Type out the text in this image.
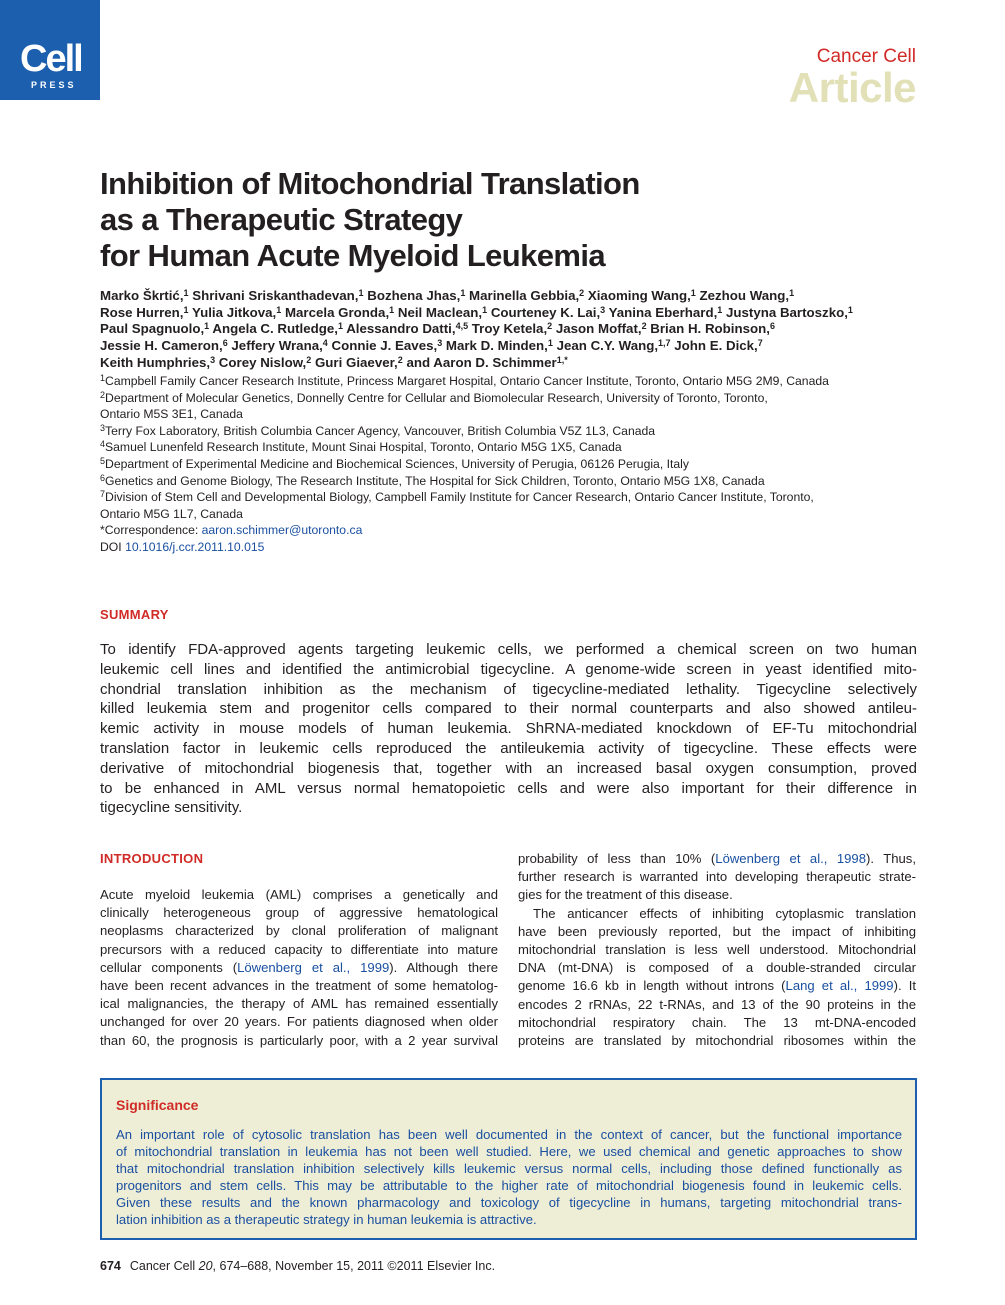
Cell
PRESS
Cancer Cell
Article
Inhibition of Mitochondrial Translation
as a Therapeutic Strategy
for Human Acute Myeloid Leukemia
Marko Škrtić,$^1$ Shrivani Sriskanthadevan,$^1$ Bozhena Jhas,$^1$ Marinella Gebbia,$^2$ Xiaoming Wang,$^1$ Zezhou Wang,$^1$
Rose Hurren,$^1$ Yulia Jitkova,$^1$ Marcela Gronda,$^1$ Neil Maclean,$^1$ Courteney K. Lai,$^3$ Yanina Eberhard,$^1$ Justyna Bartoszko,$^1$
Paul Spagnuolo,$^1$ Angela C. Rutledge,$^1$ Alessandro Datti,$^{4,5}$ Troy Ketela,$^2$ Jason Moffat,$^2$ Brian H. Robinson,$^6$
Jessie H. Cameron,$^6$ Jeffery Wrana,$^4$ Connie J. Eaves,$^3$ Mark D. Minden,$^1$ Jean C.Y. Wang,$^{1,7}$ John E. Dick,$^7$
Keith Humphries,$^3$ Corey Nislow,$^2$ Guri Giaever,$^2$ and Aaron D. Schimmer$^{1,*}$
$^1$Campbell Family Cancer Research Institute, Princess Margaret Hospital, Ontario Cancer Institute, Toronto, Ontario M5G 2M9, Canada
$^2$Department of Molecular Genetics, Donnelly Centre for Cellular and Biomolecular Research, University of Toronto, Toronto,
Ontario M5S 3E1, Canada
$^3$Terry Fox Laboratory, British Columbia Cancer Agency, Vancouver, British Columbia V5Z 1L3, Canada
$^4$Samuel Lunenfeld Research Institute, Mount Sinai Hospital, Toronto, Ontario M5G 1X5, Canada
$^5$Department of Experimental Medicine and Biochemical Sciences, University of Perugia, 06126 Perugia, Italy
$^6$Genetics and Genome Biology, The Research Institute, The Hospital for Sick Children, Toronto, Ontario M5G 1X8, Canada
$^7$Division of Stem Cell and Developmental Biology, Campbell Family Institute for Cancer Research, Ontario Cancer Institute, Toronto,
Ontario M5G 1L7, Canada
*Correspondence: aaron.schimmer@utoronto.ca
DOI 10.1016/j.ccr.2011.10.015
SUMMARY
To identify FDA-approved agents targeting leukemic cells, we performed a chemical screen on two human
leukemic cell lines and identified the antimicrobial tigecycline. A genome-wide screen in yeast identified mito-
chondrial translation inhibition as the mechanism of tigecycline-mediated lethality. Tigecycline selectively
killed leukemia stem and progenitor cells compared to their normal counterparts and also showed antileu-
kemic activity in mouse models of human leukemia. ShRNA-mediated knockdown of EF-Tu mitochondrial
translation factor in leukemic cells reproduced the antileukemia activity of tigecycline. These effects were
derivative of mitochondrial biogenesis that, together with an increased basal oxygen consumption, proved
to be enhanced in AML versus normal hematopoietic cells and were also important for their difference in
tigecycline sensitivity.
INTRODUCTION
Acute myeloid leukemia (AML) comprises a genetically and
clinically heterogeneous group of aggressive hematological
neoplasms characterized by clonal proliferation of malignant
precursors with a reduced capacity to differentiate into mature
cellular components (Löwenberg et al., 1999). Although there
have been recent advances in the treatment of some hematolog-
ical malignancies, the therapy of AML has remained essentially
unchanged for over 20 years. For patients diagnosed when older
than 60, the prognosis is particularly poor, with a 2 year survival
probability of less than 10% (Löwenberg et al., 1998). Thus,
further research is warranted into developing therapeutic strate-
gies for the treatment of this disease.
The anticancer effects of inhibiting cytoplasmic translation
have been previously reported, but the impact of inhibiting
mitochondrial translation is less well understood. Mitochondrial
DNA (mt-DNA) is composed of a double-stranded circular
genome 16.6 kb in length without introns (Lang et al., 1999). It
encodes 2 rRNAs, 22 t-RNAs, and 13 of the 90 proteins in the
mitochondrial respiratory chain. The 13 mt-DNA-encoded
proteins are translated by mitochondrial ribosomes within the
Significance
An important role of cytosolic translation has been well documented in the context of cancer, but the functional importance
of mitochondrial translation in leukemia has not been well studied. Here, we used chemical and genetic approaches to show
that mitochondrial translation inhibition selectively kills leukemic versus normal cells, including those defined functionally as
progenitors and stem cells. This may be attributable to the higher rate of mitochondrial biogenesis found in leukemic cells.
Given these results and the known pharmacology and toxicology of tigecycline in humans, targeting mitochondrial trans-
lation inhibition as a therapeutic strategy in human leukemia is attractive.
674 Cancer Cell 20, 674–688, November 15, 2011 ©2011 Elsevier Inc.
